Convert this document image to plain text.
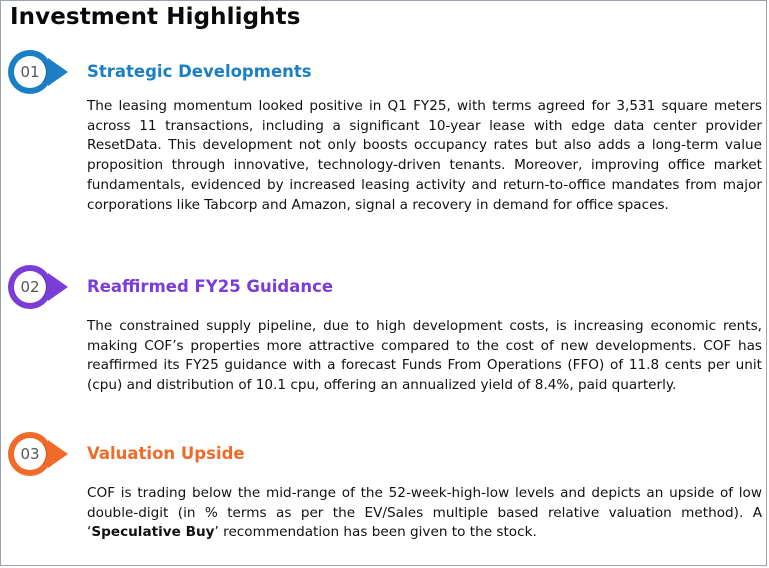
Investment Highlights
01	Strategic Developments

The leasing momentum looked positive in Q1 FY25, with terms agreed for 3,531 square meters across 11 transactions, including a significant 10-year lease with edge data center provider ResetData. This development not only boosts occupancy rates but also adds a long-term value proposition through innovative, technology-driven tenants. Moreover, improving office market fundamentals, evidenced by increased leasing activity and return-to-office mandates from major corporations like Tabcorp and Amazon, signal a recovery in demand for office spaces.

02	Reaffirmed FY25 Guidance

The constrained supply pipeline, due to high development costs, is increasing economic rents, making COF’s properties more attractive compared to the cost of new developments. COF has reaffirmed its FY25 guidance with a forecast Funds From Operations (FFO) of 11.8 cents per unit (cpu) and distribution of 10.1 cpu, offering an annualized yield of 8.4%, paid quarterly.

03	Valuation Upside

COF is trading below the mid-range of the 52-week-high-low levels and depicts an upside of low double-digit (in % terms as per the EV/Sales multiple based relative valuation method). A ‘Speculative Buy’ recommendation has been given to the stock.
